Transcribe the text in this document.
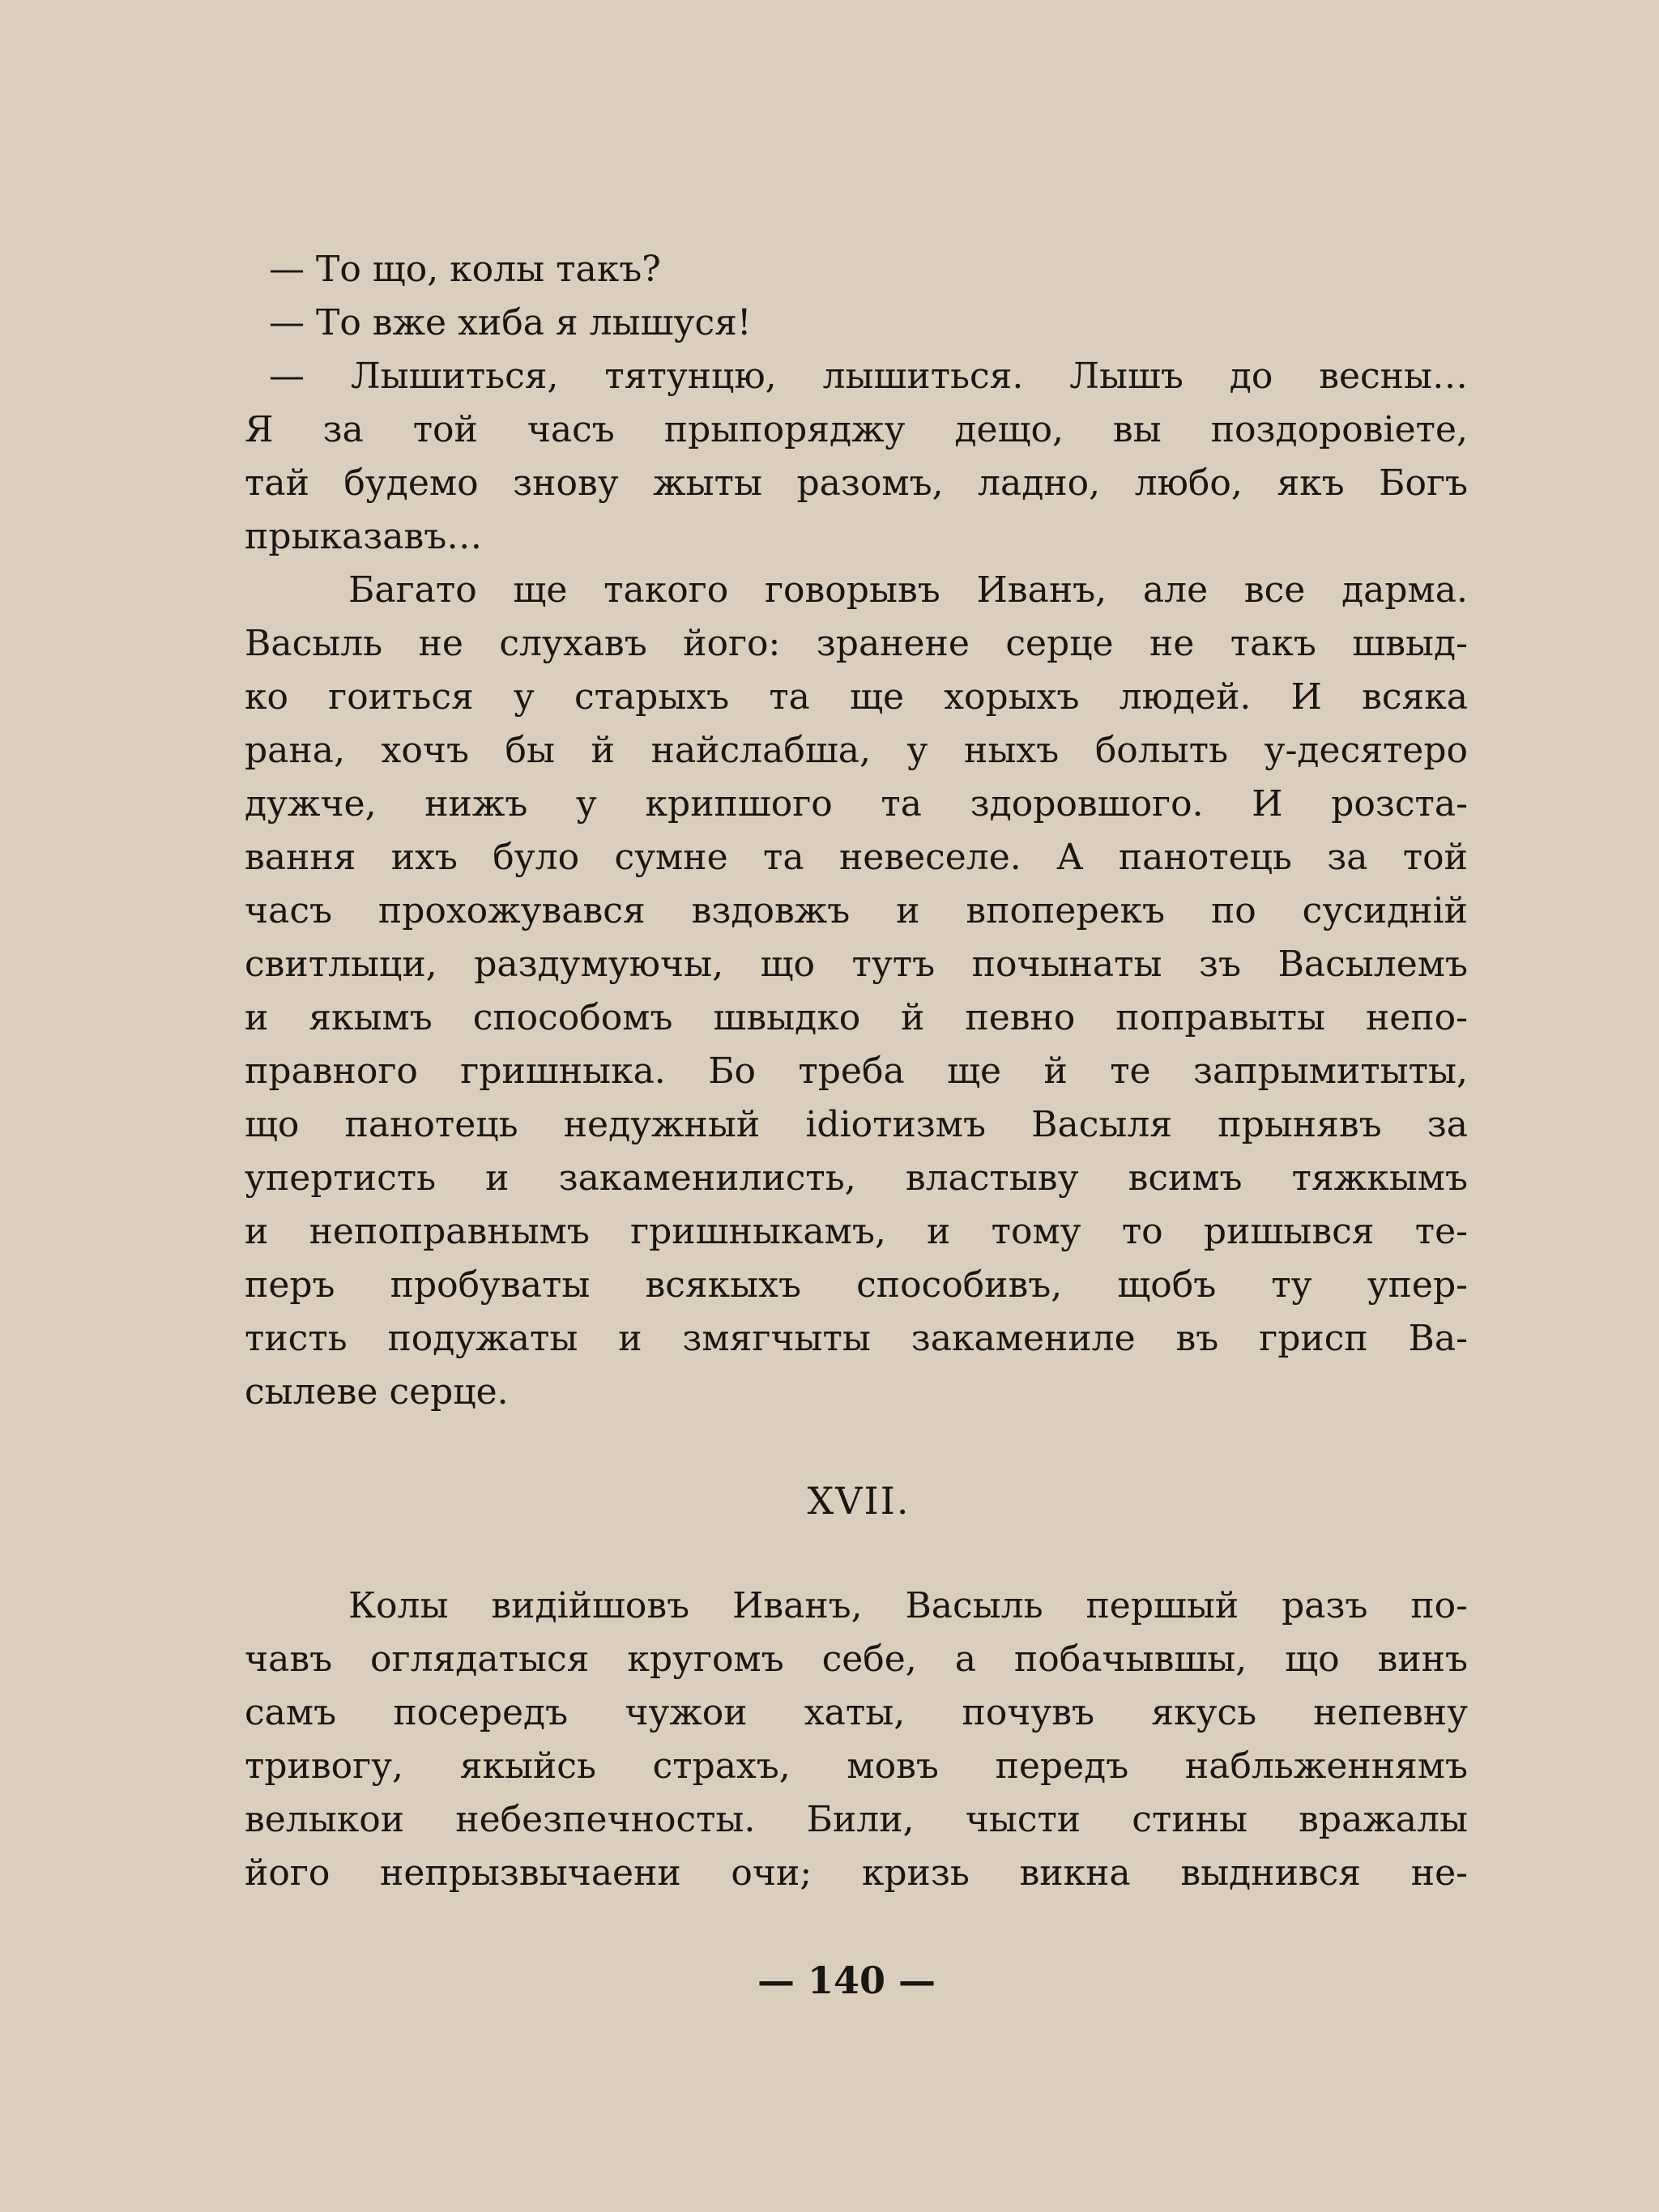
— То що, колы такъ?
— То вже хиба я лышуся!
— Лышиться, тятунцю, лышиться. Лышъ до весны…
Я за той часъ прыпоряджу дещо, вы поздоровіете,
тай будемо знову жыты разомъ, ладно, любо, якъ Богъ
прыказавъ…
Багато ще такого говорывъ Иванъ, але все дарма.
Васыль не слухавъ його: зранене серце не такъ швыд-
ко гоиться у старыхъ та ще хорыхъ людей. И всяка
рана, хочъ бы й найслабша, у ныхъ болыть у-десятеро
дужче, нижъ у крипшого та здоровшого. И розста-
вання ихъ було сумне та невеселе. А панотець за той
часъ прохожувався вздовжъ и впоперекъ по сусидній
свитлыци, раздумуючы, що тутъ почынаты зъ Васылемъ
и якымъ способомъ швыдко й певно поправыты непо-
правного гришныка. Бо треба ще й те запрымитыты,
що панотець недужный idiотизмъ Васыля прынявъ за
упертисть и закаменилисть, властыву всимъ тяжкымъ
и непоправнымъ гришныкамъ, и тому то ришывся те-
перъ пробуваты всякыхъ способивъ, щобъ ту упер-
тисть подужаты и змягчыты закамениле въ грисп Ва-
сылеве серце.
XVII.
Колы видійшовъ Иванъ, Васыль першый разъ по-
чавъ оглядатыся кругомъ себе, а побачывшы, що винъ
самъ посередъ чужои хаты, почувъ якусь непевну
тривогу, якыйсь страхъ, мовъ передъ набльженнямъ
велыкои небезпечносты. Били, чысти стины вражалы
його непрызвычаени очи; кризь викна выднився не-
— 140 —
